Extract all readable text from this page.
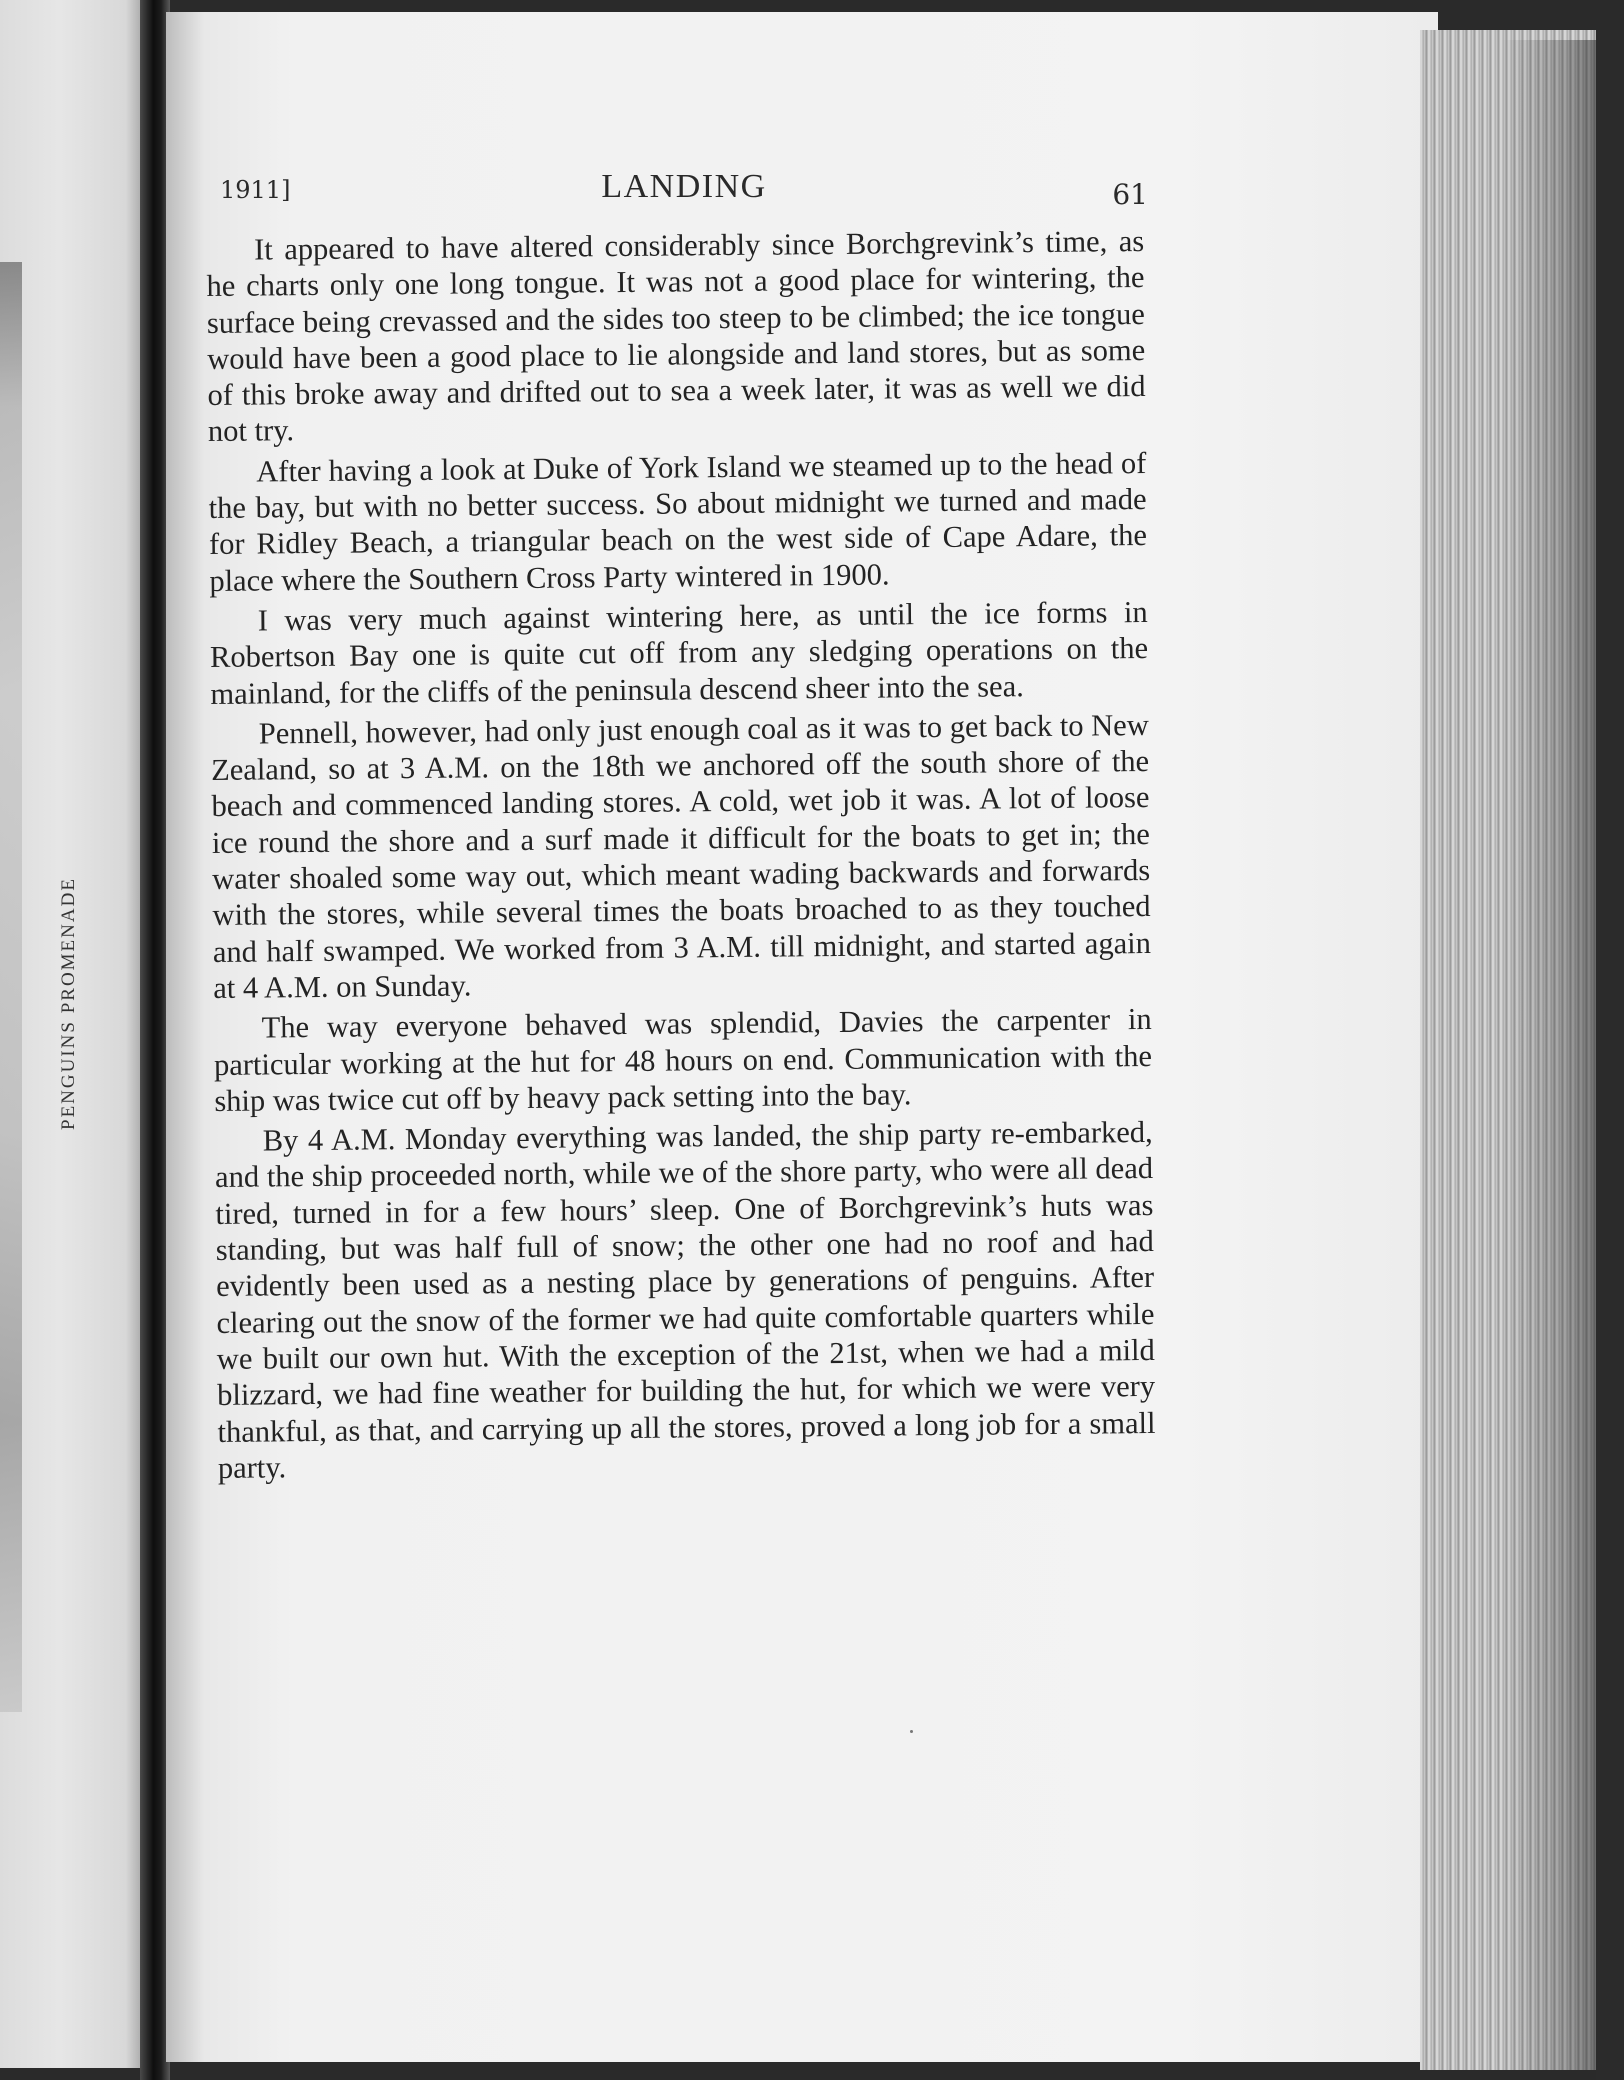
PENGUINS PROMENADE
1911]	LANDING	61

It appeared to have altered considerably since Borchgrevink’s time, as he charts only one long tongue. It was not a good place for wintering, the surface being crevassed and the sides too steep to be climbed; the ice tongue would have been a good place to lie alongside and land stores, but as some of this broke away and drifted out to sea a week later, it was as well we did not try.

After having a look at Duke of York Island we steamed up to the head of the bay, but with no better success. So about midnight we turned and made for Ridley Beach, a triangular beach on the west side of Cape Adare, the place where the Southern Cross Party wintered in 1900.

I was very much against wintering here, as until the ice forms in Robertson Bay one is quite cut off from any sledging operations on the mainland, for the cliffs of the peninsula descend sheer into the sea.

Pennell, however, had only just enough coal as it was to get back to New Zealand, so at 3 A.M. on the 18th we anchored off the south shore of the beach and commenced landing stores. A cold, wet job it was. A lot of loose ice round the shore and a surf made it difficult for the boats to get in; the water shoaled some way out, which meant wading backwards and forwards with the stores, while several times the boats broached to as they touched and half swamped. We worked from 3 A.M. till midnight, and started again at 4 A.M. on Sunday.

The way everyone behaved was splendid, Davies the carpenter in particular working at the hut for 48 hours on end. Communication with the ship was twice cut off by heavy pack setting into the bay.

By 4 A.M. Monday everything was landed, the ship party re-embarked, and the ship proceeded north, while we of the shore party, who were all dead tired, turned in for a few hours’ sleep. One of Borchgrevink’s huts was standing, but was half full of snow; the other one had no roof and had evidently been used as a nesting place by generations of penguins. After clearing out the snow of the former we had quite comfortable quarters while we built our own hut. With the exception of the 21st, when we had a mild blizzard, we had fine weather for building the hut, for which we were very thankful, as that, and carrying up all the stores, proved a long job for a small party.
